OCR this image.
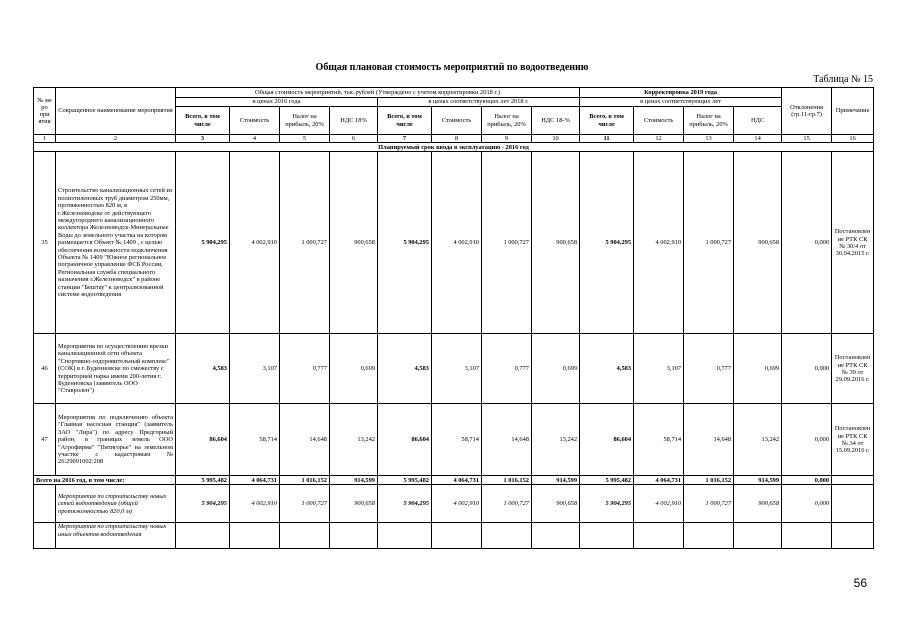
Общая плановая стоимость мероприятий по водоотведению
Таблица № 15
№ ме ро при ятия	Сокращенное наименование мероприятия	Общая стоимость мероприятий, тыс.рублей (Утверждено с учетом корректировки 2018 г.)								Корректировка 2019 года				Отклонения (гр.11-гр.7)	Примечание
		в ценах 2016 года				в ценах соответствующих лет 2018 г.				в ценах соответствующих лет					
		Всего, в том числе	Стоимость	Налог на прибыль, 20%	НДС 18%	Всего, в том числе	Стоимость	Налог на прибыль, 20%	НДС 18-%	Всего, в том числе	Стоимость	Налог на прибыль, 20%	НДС		
1	2	3	4	5	6	7	8	9	10	11	12	13	14	15	16
Планируемый срок ввода в эксплуатацию - 2016 год															
35	Строительство канализационных сетей из полиэтиленовых труб диаметром 250мм, протяженностью 820 м, в г.Железноводске от действующего междугороднего канализационного коллектора Железноводск-Минеральные Воды до земельного участка на котором размещается Объект № 1409 , с целью обеспечения возможности подключения Объекта № 1409 "Южное региональное пограничное управление ФСБ России, Региональная служба специального назначения г.Железноводск" в районе станции "Бештау" к централизованной системе водоотведения	5 904,295	4 002,910	1 000,727	900,658	5 904,295	4 002,910	1 000,727	900,658	5 904,295	4 002,910	1 000,727	900,658	0,000	Постановлен ие РТК СК № 30/4 от 30.04.2015 г.
46	Мероприятия по осуществлению врезки канализационной сети объекта "Спортивно-оздоровительный комплекс" (СОК) в г. Буденновске по смежеству с территорией парка имени 200-летия г. Буденновска (заявитель ООО "Ставролен")	4,583	3,107	0,777	0,699	4,583	3,107	0,777	0,699	4,583	3,107	0,777	0,699	0,000	Постановлен ие РТК СК № 39 от 29.09.2016 г.
47	Мероприятия по подключению объекта "Главная насосная станция" (заявитель ЗАО "Лира") по адресу Предгорный район, в границах земель ООО "Агрофирма" "Пятигорье" на земельном участке с кадастровым № 26:29091002:208	86,604	58,714	14,648	13,242	86,604	58,714	14,648	13,242	86,604	58,714	14,648	13,242	0,000	Постановлен ие РТК СК № 34 от 15.09.2016 г.
Всего на 2016 год, в том числе:		5 995,482	4 064,731	1 016,152	914,599	5 995,482	4 064,731	1 016,152	914,599	5 995,482	4 064,731	1 016,152	914,599	0,000	
	Мероприятия по строительству новых сетей водоотведения (общей протяженностью 820,0 м)	5 904,295	4 002,910	1 000,727	900,658	5 904,295	4 002,910	1 000,727	900,658	5 904,295	4 002,910	1 000,727	900,658	0,000	
	Мероприятия по строительству новых иных объектов водоотведения														
56
